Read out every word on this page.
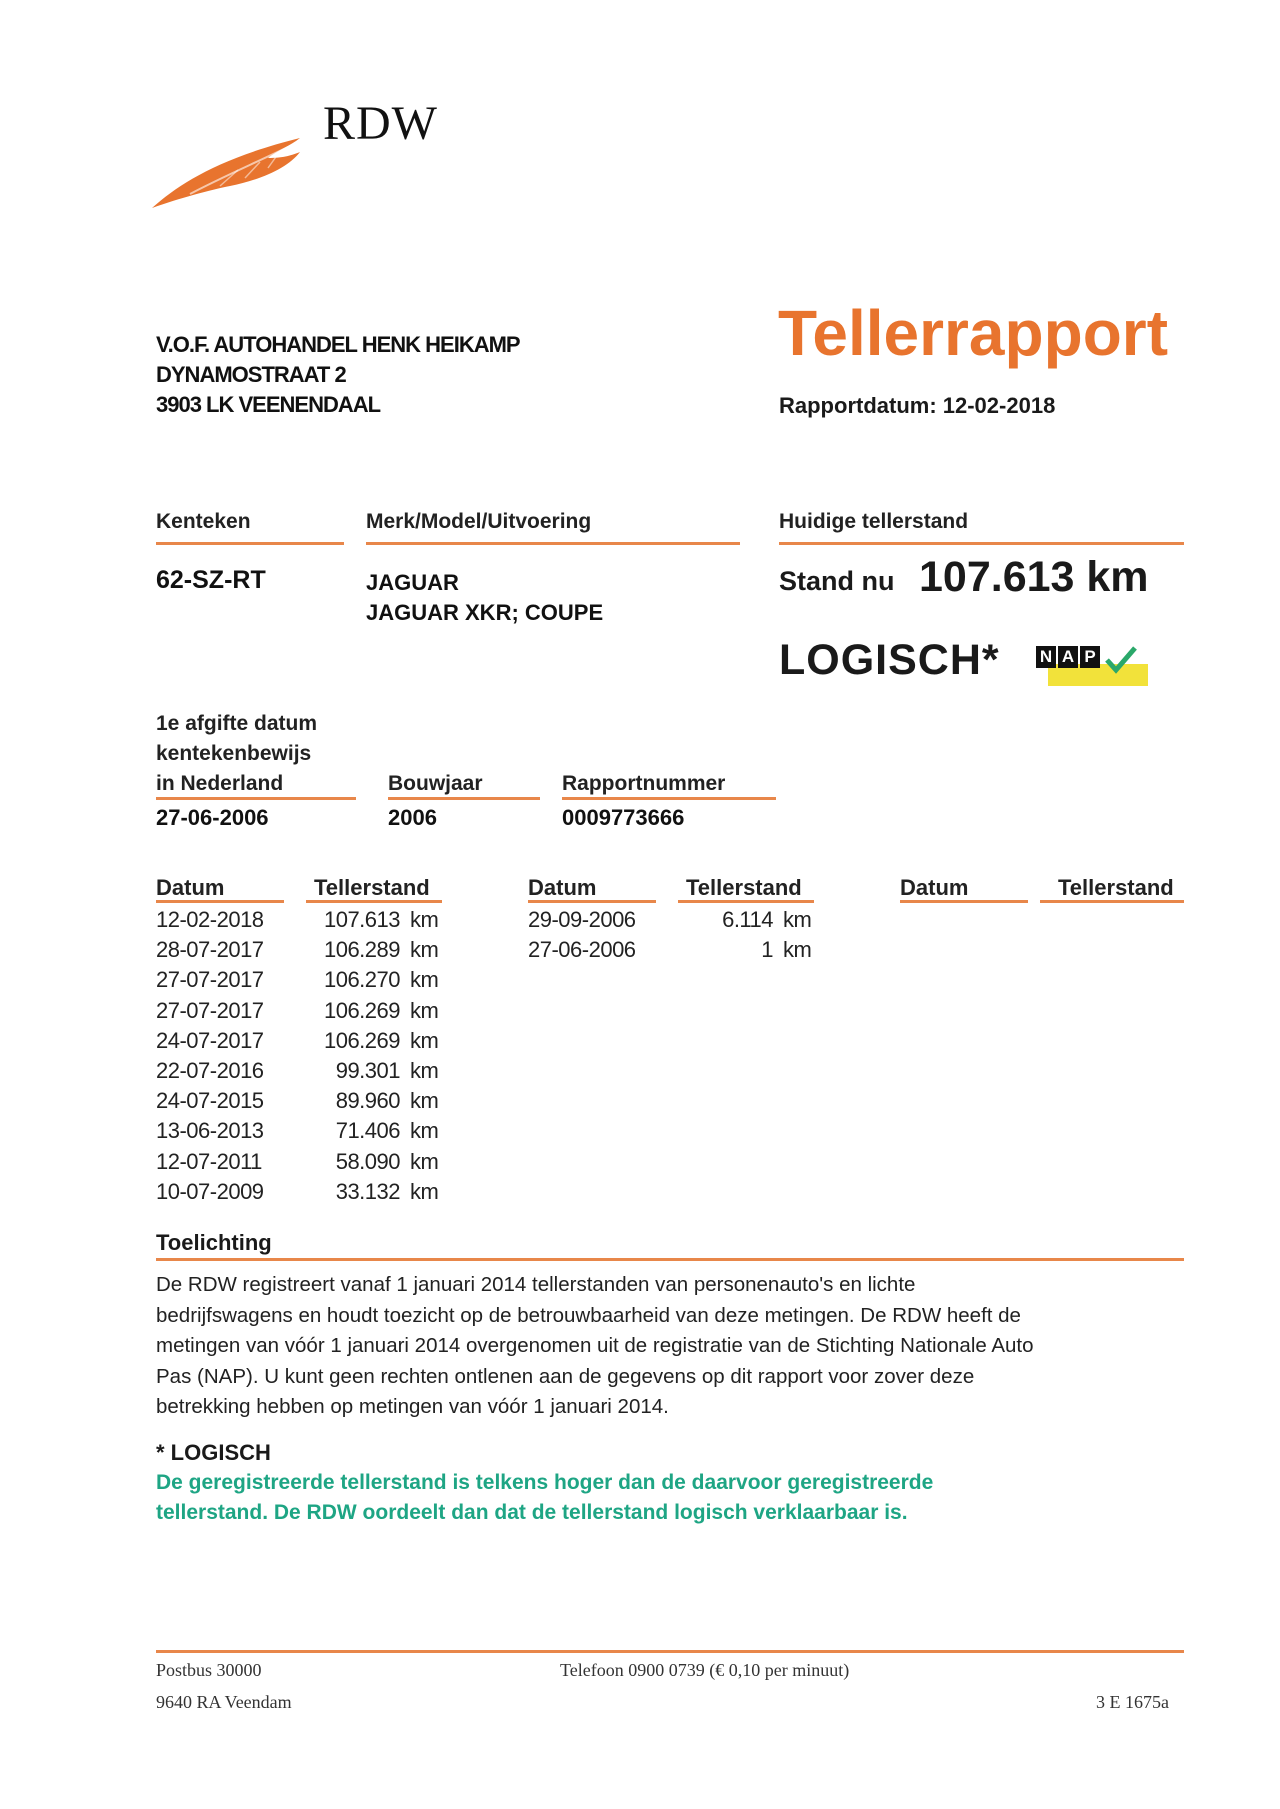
RDW
V.O.F. AUTOHANDEL HENK HEIKAMP
DYNAMOSTRAAT 2
3903 LK VEENENDAAL
Tellerrapport
Rapportdatum: 12-02-2018
Kenteken	Merk/Model/Uitvoering	Huidige tellerstand
62-SZ-RT	JAGUAR
JAGUAR XKR; COUPE
Stand nu 107.613 km
LOGISCH* N A P
1e afgifte datum
kentekenbewijs
in Nederland	Bouwjaar	Rapportnummer
27-06-2006	2006	0009773666
Datum	Tellerstand	Datum	Tellerstand	Datum	Tellerstand
12-02-2018	107.613 km
28-07-2017	106.289 km
27-07-2017	106.270 km
27-07-2017	106.269 km
24-07-2017	106.269 km
22-07-2016	99.301 km
24-07-2015	89.960 km
13-06-2013	71.406 km
12-07-2011	58.090 km
10-07-2009	33.132 km
29-09-2006	6.114 km
27-06-2006	1 km
Toelichting
De RDW registreert vanaf 1 januari 2014 tellerstanden van personenauto's en lichte
bedrijfswagens en houdt toezicht op de betrouwbaarheid van deze metingen. De RDW heeft de
metingen van vóór 1 januari 2014 overgenomen uit de registratie van de Stichting Nationale Auto
Pas (NAP). U kunt geen rechten ontlenen aan de gegevens op dit rapport voor zover deze
betrekking hebben op metingen van vóór 1 januari 2014.
* LOGISCH
De geregistreerde tellerstand is telkens hoger dan de daarvoor geregistreerde
tellerstand. De RDW oordeelt dan dat de tellerstand logisch verklaarbaar is.
Postbus 30000
9640 RA Veendam
Telefoon 0900 0739 (€ 0,10 per minuut)
3 E 1675a
